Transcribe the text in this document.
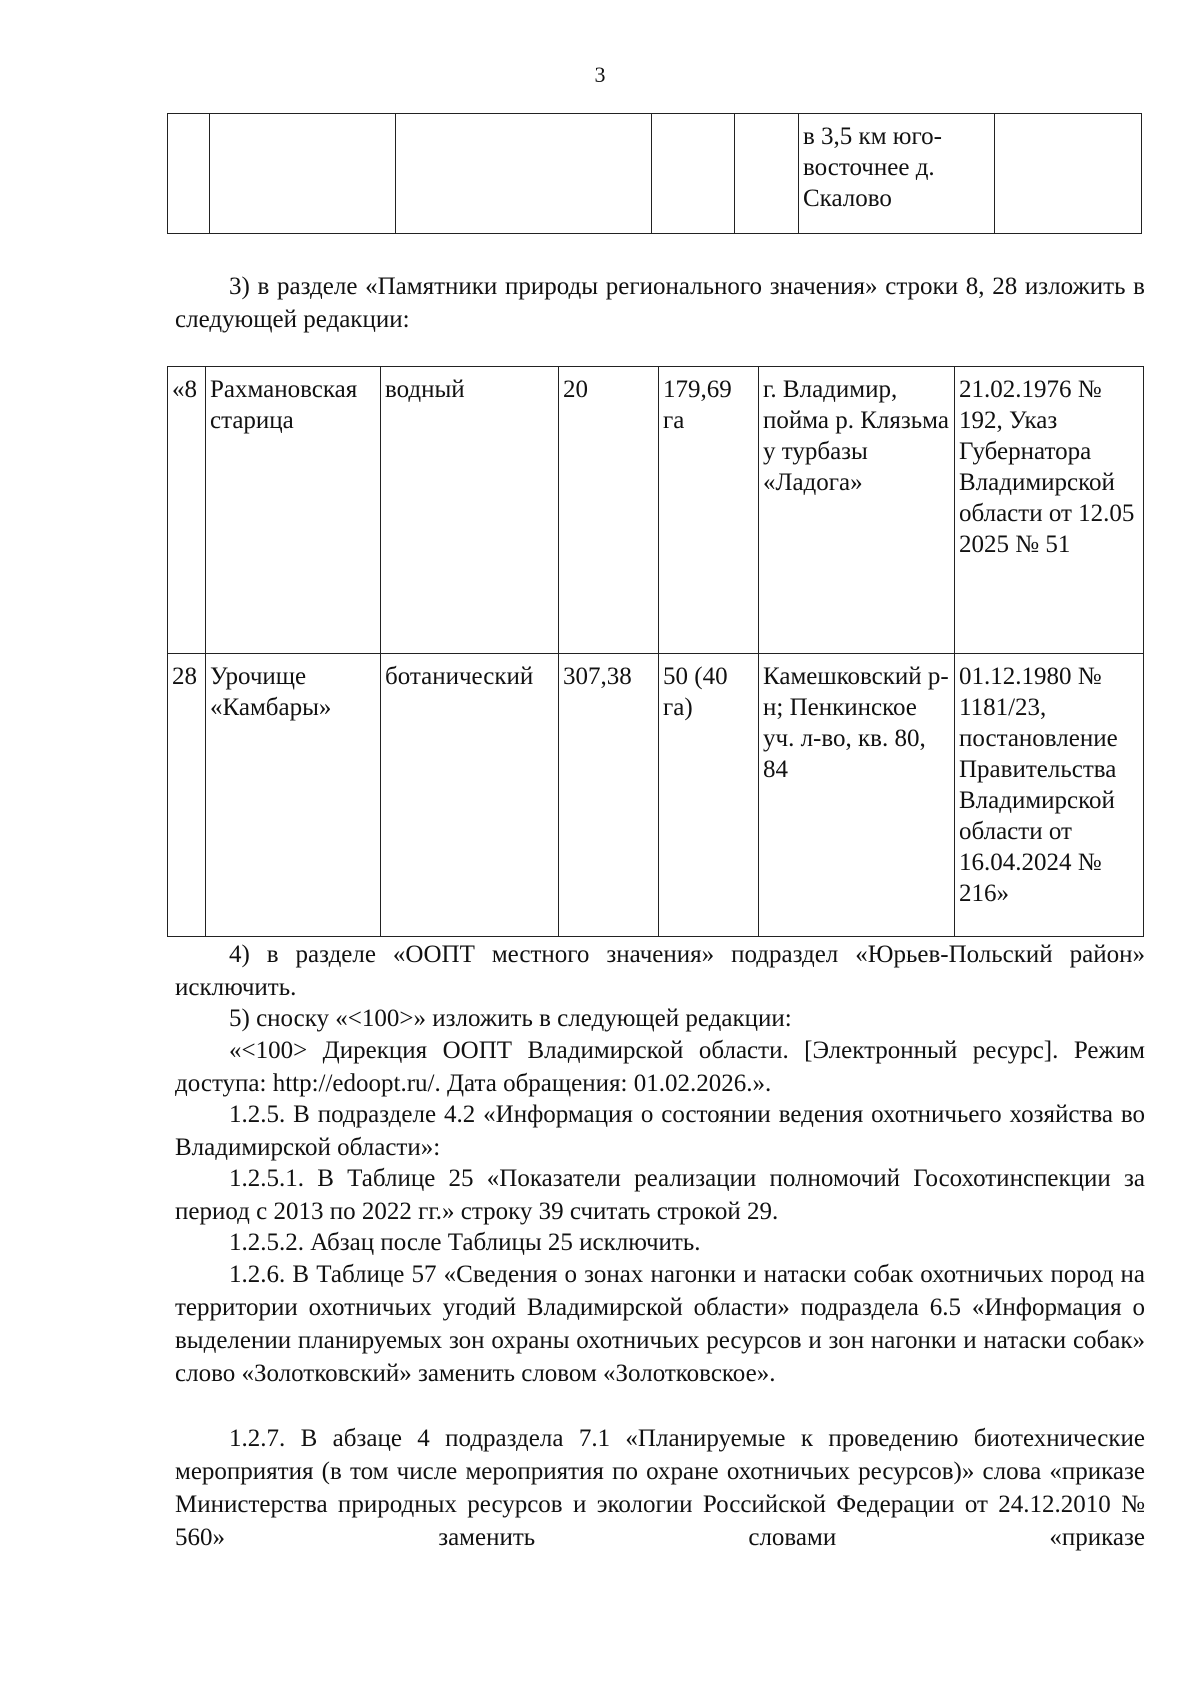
3
					в 3,5 км юго-восточнее д. Скалово	

3) в разделе «Памятники природы регионального значения» строки 8, 28 изложить в следующей редакции:

«8	Рахмановская старица	водный	20	179,69 га	г. Владимир, пойма р. Клязьма у турбазы «Ладога»	21.02.1976 № 192, Указ Губернатора Владимирской области от 12.05 2025 № 51
28	Урочище «Камбары»	ботанический	307,38	50 (40 га)	Камешковский р-н; Пенкинское уч. л-во, кв. 80, 84	01.12.1980 № 1181/23, постановление Правительства Владимирской области от 16.04.2024 № 216»

4) в разделе «ООПТ местного значения» подраздел «Юрьев-Польский район» исключить.

5) сноску «<100>» изложить в следующей редакции:

«<100> Дирекция ООПТ Владимирской области. [Электронный ресурс]. Режим доступа: http://edoopt.ru/. Дата обращения: 01.02.2026.».

1.2.5. В подразделе 4.2 «Информация о состоянии ведения охотничьего хозяйства во Владимирской области»:

1.2.5.1. В Таблице 25 «Показатели реализации полномочий Госохотинспекции за период с 2013 по 2022 гг.» строку 39 считать строкой 29.

1.2.5.2. Абзац после Таблицы 25 исключить.

1.2.6. В Таблице 57 «Сведения о зонах нагонки и натаски собак охотничьих пород на территории охотничьих угодий Владимирской области» подраздела 6.5 «Информация о выделении планируемых зон охраны охотничьих ресурсов и зон нагонки и натаски собак» слово «Золотковский» заменить словом «Золотковское».

1.2.7. В абзаце 4 подраздела 7.1 «Планируемые к проведению биотехнические мероприятия (в том числе мероприятия по охране охотничьих ресурсов)» слова «приказе Министерства природных ресурсов и экологии Российской Федерации от 24.12.2010 № 560» заменить словами «приказе
